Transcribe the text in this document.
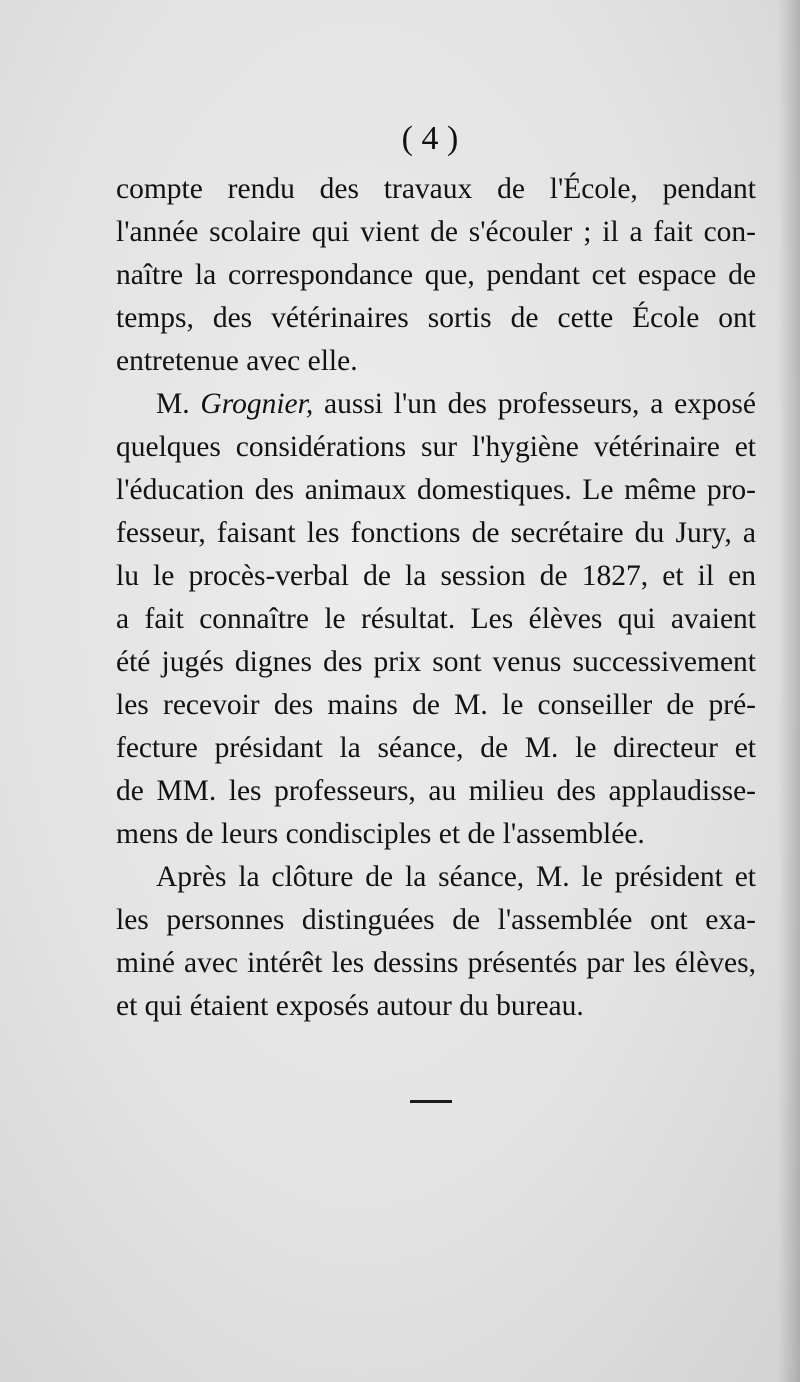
( 4 )

compte rendu des travaux de l'École, pendant
l'année scolaire qui vient de s'écouler ; il a fait con-
naître la correspondance que, pendant cet espace de
temps, des vétérinaires sortis de cette École ont
entretenue avec elle.

M. Grognier, aussi l'un des professeurs, a exposé
quelques considérations sur l'hygiène vétérinaire et
l'éducation des animaux domestiques. Le même pro-
fesseur, faisant les fonctions de secrétaire du Jury, a
lu le procès-verbal de la session de 1827, et il en
a fait connaître le résultat. Les élèves qui avaient
été jugés dignes des prix sont venus successivement
les recevoir des mains de M. le conseiller de pré-
fecture présidant la séance, de M. le directeur et
de MM. les professeurs, au milieu des applaudisse-
mens de leurs condisciples et de l'assemblée.

Après la clôture de la séance, M. le président et
les personnes distinguées de l'assemblée ont exa-
miné avec intérêt les dessins présentés par les élèves,
et qui étaient exposés autour du bureau.
